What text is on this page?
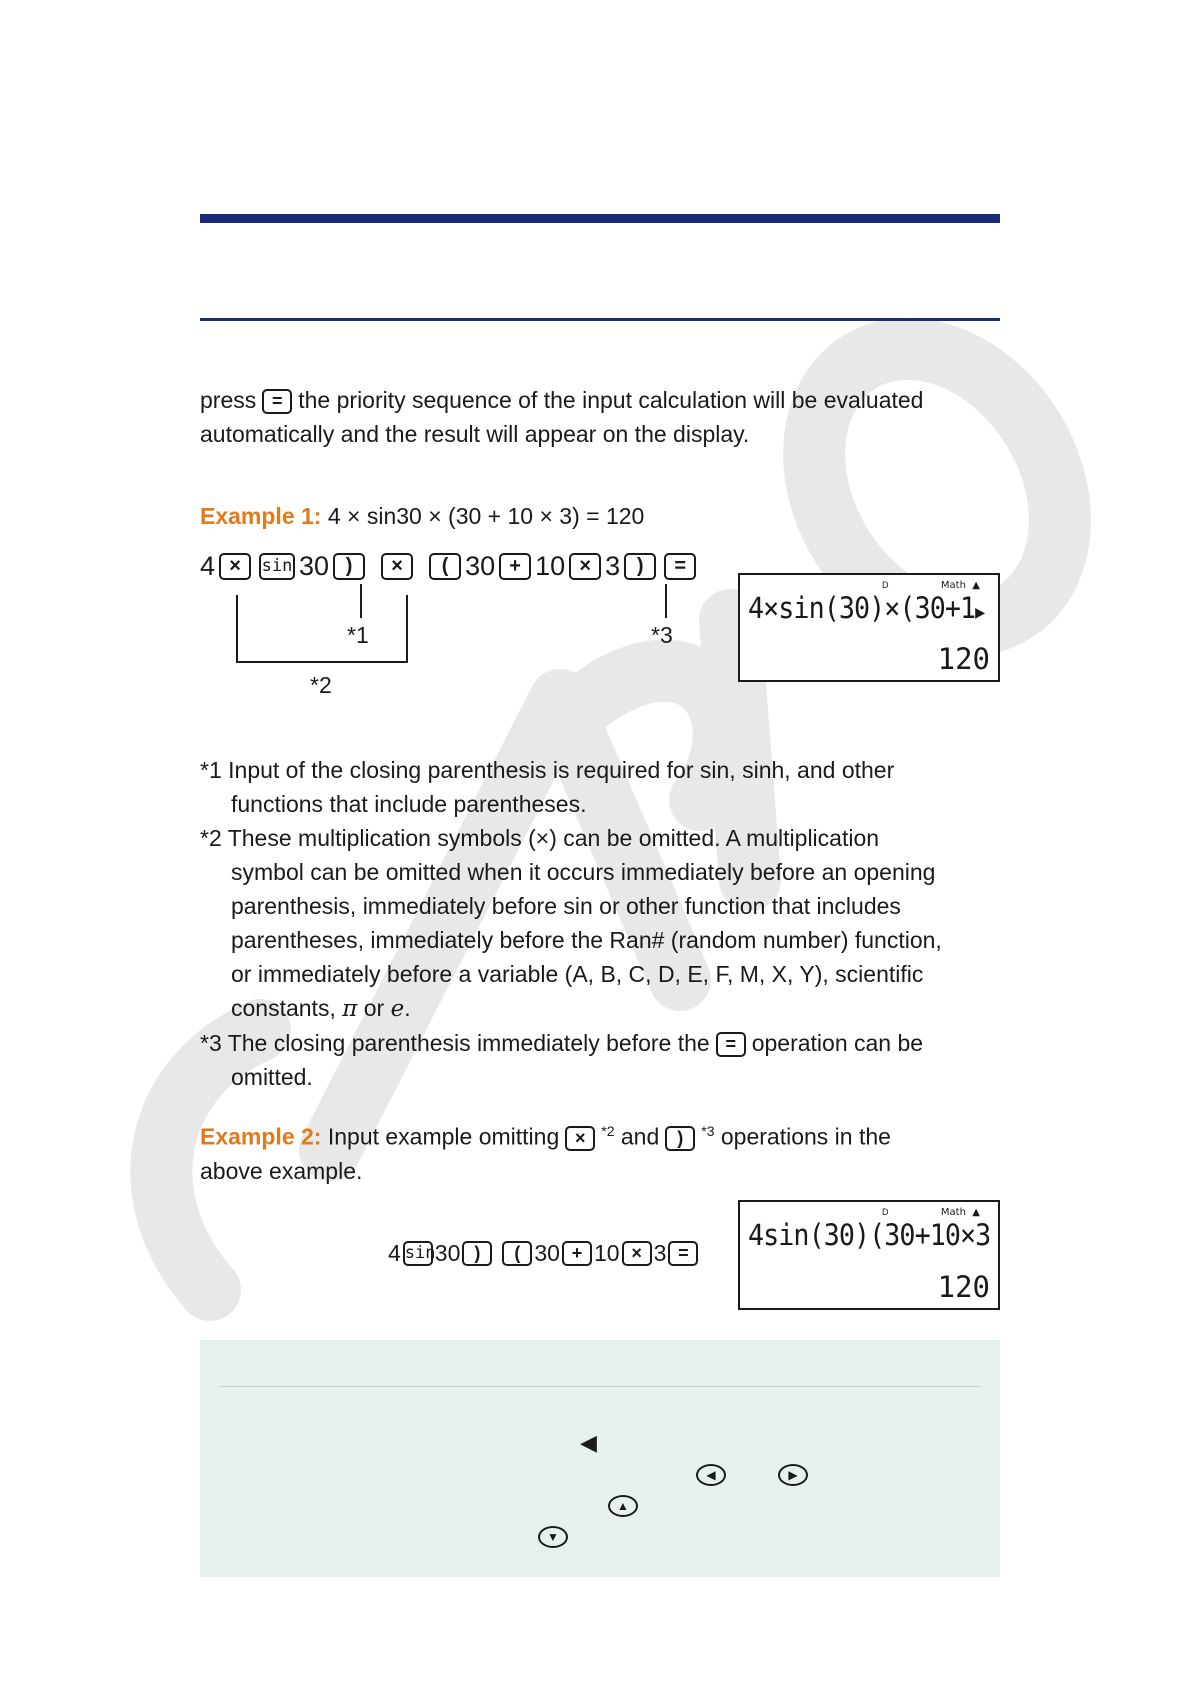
press = the priority sequence of the input calculation will be evaluated
automatically and the result will appear on the display.
Example 1: 4 × sin30 × (30 + 10 × 3) = 120
4 ×	sin 30 )	×	( 30 + 10 × 3 )	=
*1
*2
*3
D	Math ▲
4×sin(30)×(30+1▶
120
*1 Input of the closing parenthesis is required for sin, sinh, and other
functions that include parentheses.
*2 These multiplication symbols (×) can be omitted. A multiplication
symbol can be omitted when it occurs immediately before an opening
parenthesis, immediately before sin or other function that includes
parentheses, immediately before the Ran# (random number) function,
or immediately before a variable (A, B, C, D, E, F, M, X, Y), scientific
constants, π or e.
*3 The closing parenthesis immediately before the = operation can be
omitted.
Example 2: Input example omitting × $^{*2}$ and ) $^{*3}$ operations in the
above example.
4 sin 30 )	( 30 + 10 × 3 =
D	Math ▲
4sin(30)(30+10×3
120
◀
◀	▶
▲
▼
